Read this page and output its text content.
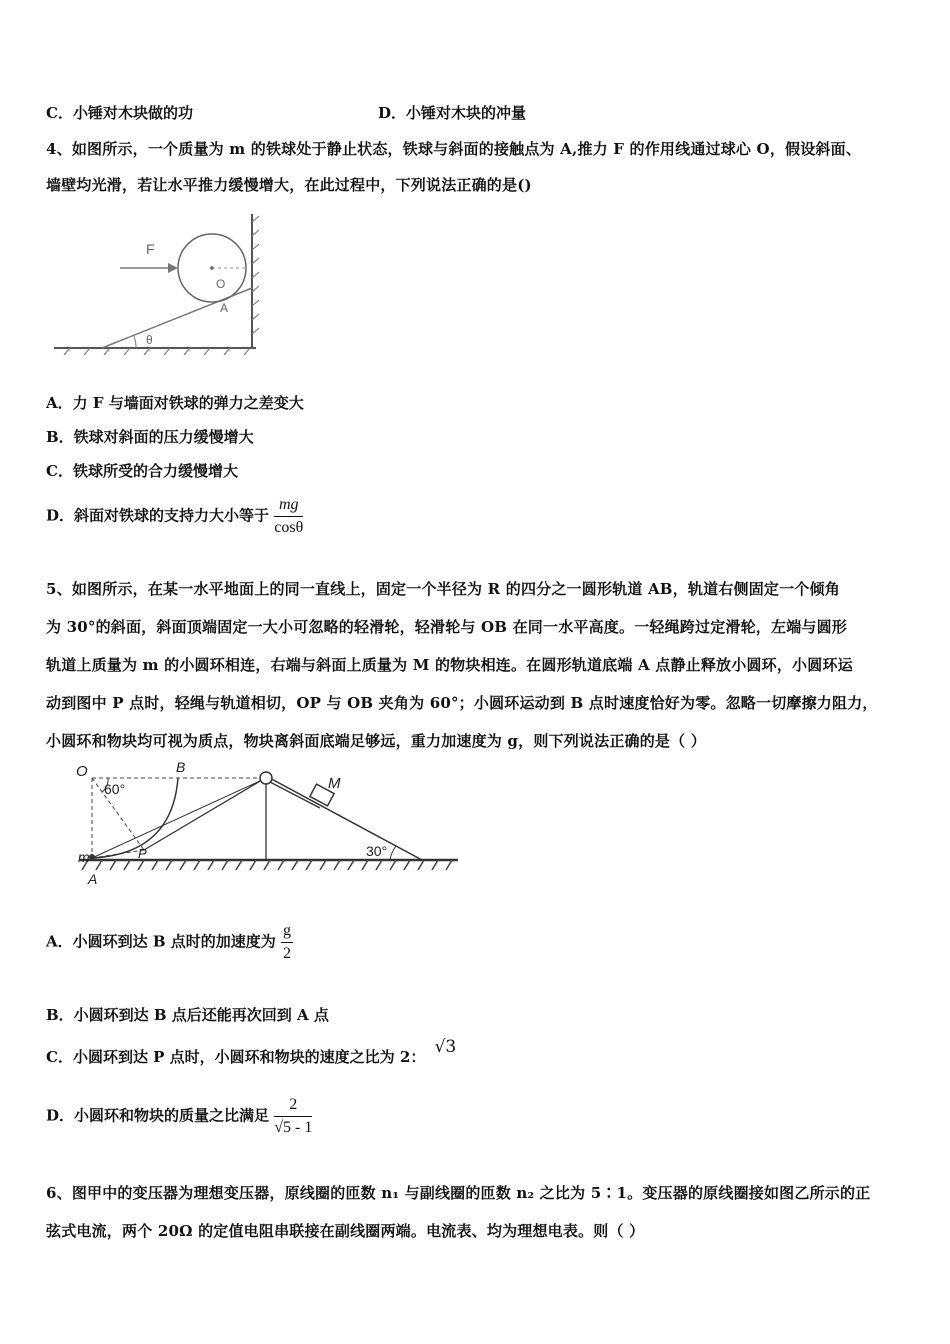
C．小锤对木块做的功	D．小锤对木块的冲量
4、如图所示，一个质量为 m 的铁球处于静止状态，铁球与斜面的接触点为 A,推力 F 的作用线通过球心 O，假设斜面、
墙壁均光滑，若让水平推力缓慢增大，在此过程中，下列说法正确的是()
F
O
A
θ
A．力 F 与墙面对铁球的弹力之差变大
B．铁球对斜面的压力缓慢增大
C．铁球所受的合力缓慢增大
D．斜面对铁球的支持力大小等于 $\frac{mg}{\cos\theta}$
5、如图所示，在某一水平地面上的同一直线上，固定一个半径为 R 的四分之一圆形轨道 AB，轨道右侧固定一个倾角
为 30°的斜面，斜面顶端固定一大小可忽略的轻滑轮，轻滑轮与 OB 在同一水平高度。一轻绳跨过定滑轮，左端与圆形
轨道上质量为 m 的小圆环相连，右端与斜面上质量为 M 的物块相连。在圆形轨道底端 A 点静止释放小圆环，小圆环运
动到图中 P 点时，轻绳与轨道相切，OP 与 OB 夹角为 60°；小圆环运动到 B 点时速度恰好为零。忽略一切摩擦力阻力，
小圆环和物块均可视为质点，物块离斜面底端足够远，重力加速度为 g，则下列说法正确的是（ ）
O
60°
B
M
m
A
P	30°
A．小圆环到达 B 点时的加速度为 $\frac{g}{2}$
B．小圆环到达 B 点后还能再次回到 A 点
C．小圆环到达 P 点时，小圆环和物块的速度之比为 2： √3
D．小圆环和物块的质量之比满足 $\frac{2}{√5 - 1}$
6、图甲中的变压器为理想变压器，原线圈的匝数 n₁ 与副线圈的匝数 n₂ 之比为 5∶1。变压器的原线圈接如图乙所示的正
弦式电流，两个 20Ω 的定值电阻串联接在副线圈两端。电流表、均为理想电表。则（ ）
